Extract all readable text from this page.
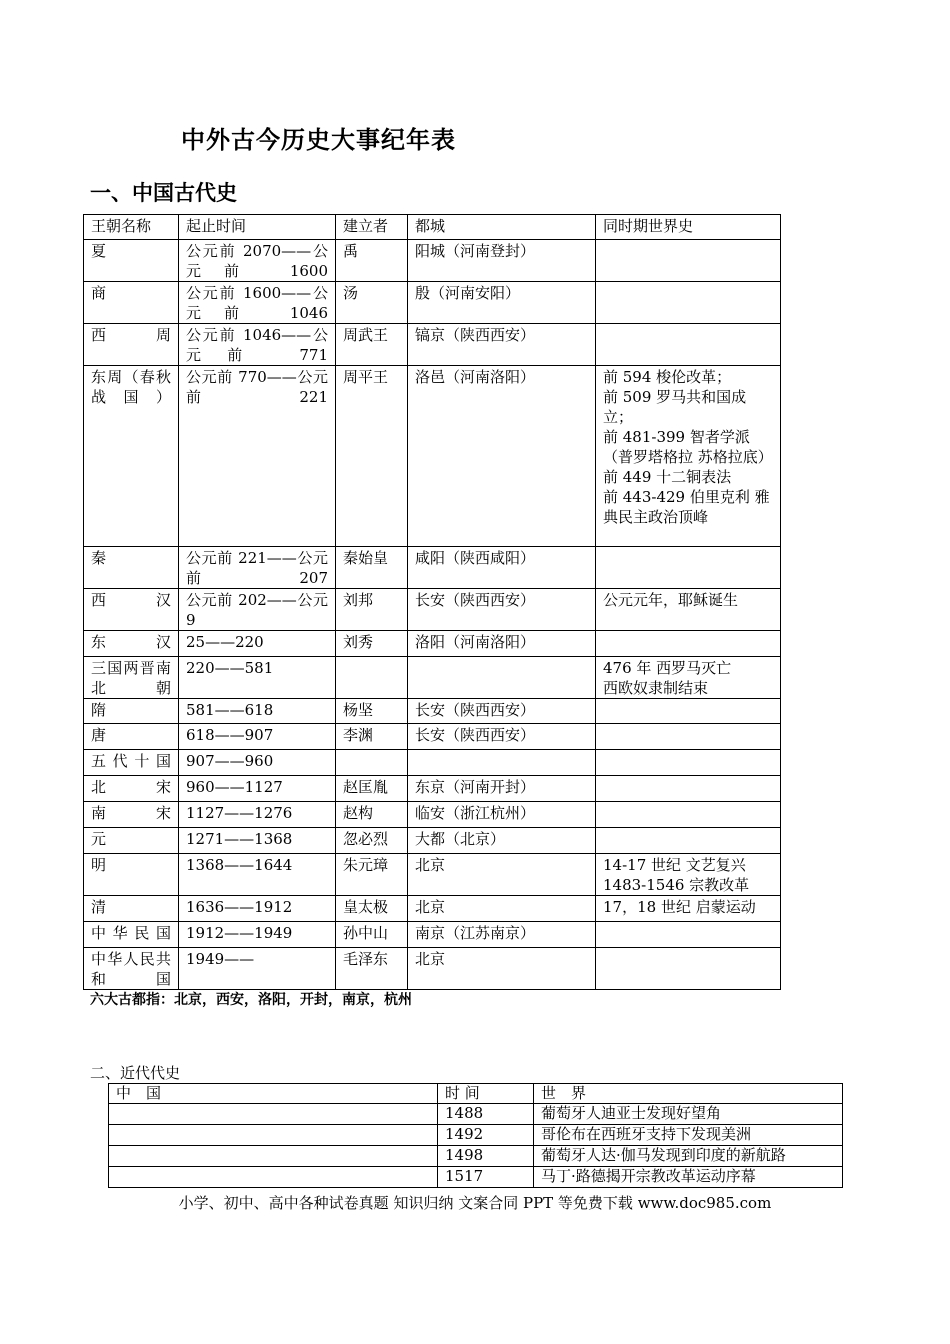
中外古今历史大事纪年表
一、中国古代史
王朝名称	起止时间	建立者	都城	同时期世界史
夏	公元前 2070——公元前 1600	禹	阳城（河南登封）	
商	公元前 1600——公元前 1046	汤	殷（河南安阳）	
西周	公元前 1046——公元前 771	周武王	镐京（陕西西安）	
东周（春秋战国）	公元前 770——公元前 221	周平王	洛邑（河南洛阳）	前 594 梭伦改革；
前 509 罗马共和国成立；
前 481-399 智者学派（普罗塔格拉 苏格拉底）
前 449 十二铜表法
前 443-429 伯里克利 雅典民主政治顶峰
秦	公元前 221——公元前 207	秦始皇	咸阳（陕西咸阳）	
西汉	公元前 202——公元 9	刘邦	长安（陕西西安）	公元元年，耶稣诞生
东汉	25——220	刘秀	洛阳（河南洛阳）	
三国两晋南北朝	220——581			476 年 西罗马灭亡
西欧奴隶制结束
隋	581——618	杨坚	长安（陕西西安）	
唐	618——907	李渊	长安（陕西西安）	
五代十国	907——960			
北宋	960——1127	赵匡胤	东京（河南开封）	
南宋	1127——1276	赵构	临安（浙江杭州）	
元	1271——1368	忽必烈	大都（北京）	
明	1368——1644	朱元璋	北京	14-17 世纪 文艺复兴
1483-1546 宗教改革
清	1636——1912	皇太极	北京	17，18 世纪 启蒙运动
中华民国	1912——1949	孙中山	南京（江苏南京）	
中华人民共和国	1949——	毛泽东	北京	
六大古都指：北京，西安，洛阳，开封，南京，杭州
二、近代代史
中　国	时 间	世　界
	1488	葡萄牙人迪亚士发现好望角
	1492	哥伦布在西班牙支持下发现美洲
	1498	葡萄牙人达·伽马发现到印度的新航路
	1517	马丁·路德揭开宗教改革运动序幕
小学、初中、高中各种试卷真题 知识归纳 文案合同 PPT 等免费下载 www.doc985.com
